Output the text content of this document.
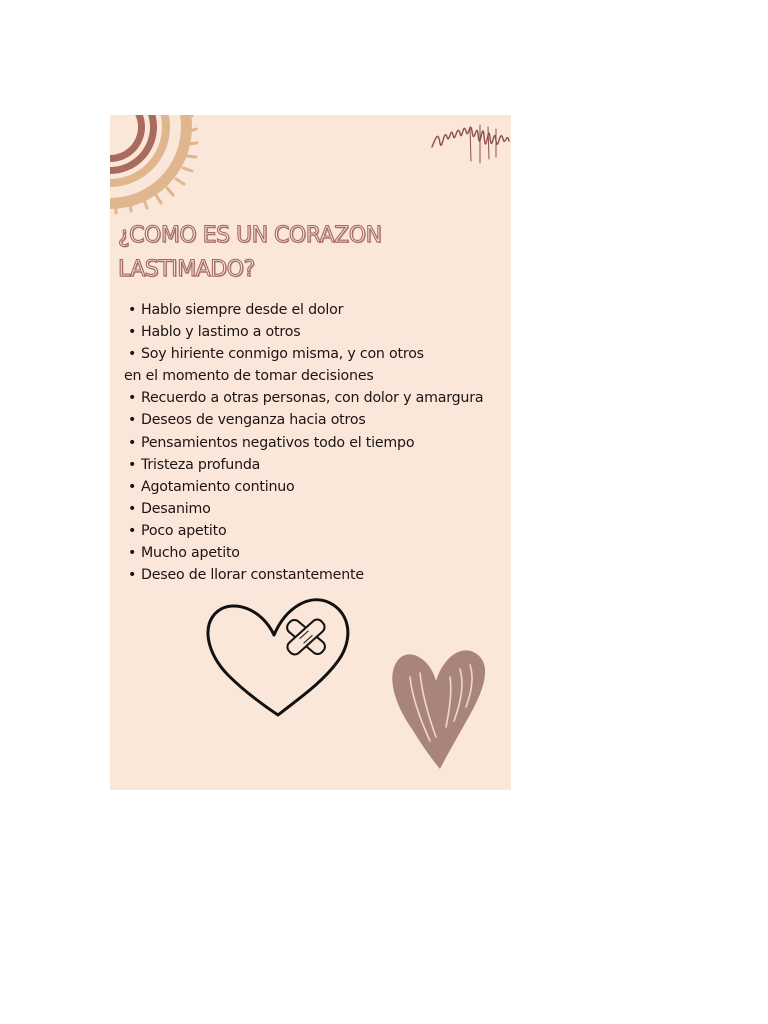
¿COMO ES UN CORAZON
LASTIMADO?
• Hablo siempre desde el dolor
• Hablo y lastimo a otros
• Soy hiriente conmigo misma, y con otros
en el momento de tomar decisiones
• Recuerdo a otras personas, con dolor y amargura
• Deseos de venganza hacia otros
• Pensamientos negativos todo el tiempo
• Tristeza profunda
• Agotamiento continuo
• Desanimo
• Poco apetito
• Mucho apetito
• Deseo de llorar constantemente
